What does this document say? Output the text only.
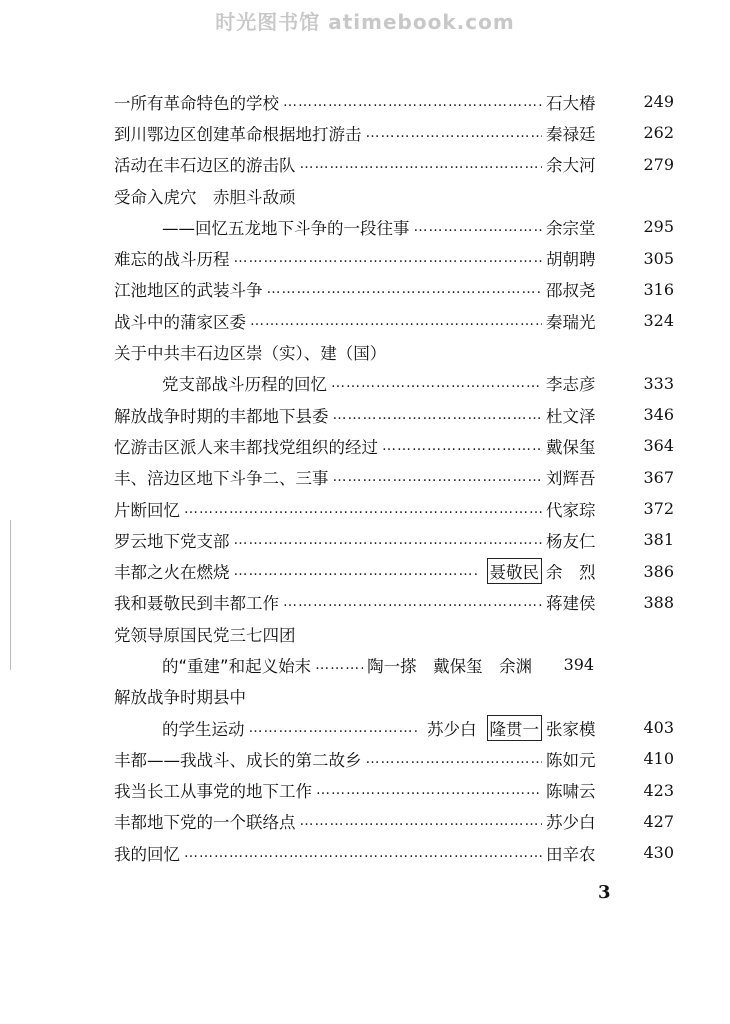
时光图书馆 atimebook.com
一所有革命特色的学校 ……………………………………………………………………………………………………………………	石大椿	249
到川鄂边区创建革命根据地打游击 ……………………………………………………………………………………………………………………	秦禄廷	262
活动在丰石边区的游击队 ……………………………………………………………………………………………………………………	余大河	279
受命入虎穴　赤胆斗敌顽
——回忆五龙地下斗争的一段往事 ……………………………………………………………………………………………………………………	余宗堂	295
难忘的战斗历程 ……………………………………………………………………………………………………………………	胡朝聘	305
江池地区的武装斗争 ……………………………………………………………………………………………………………………	邵叔尧	316
战斗中的蒲家区委 ……………………………………………………………………………………………………………………	秦瑞光	324
关于中共丰石边区崇（实）、建（国）
党支部战斗历程的回忆 ……………………………………………………………………………………………………………………	李志彦	333
解放战争时期的丰都地下县委 ……………………………………………………………………………………………………………………	杜文泽	346
忆游击区派人来丰都找党组织的经过 ……………………………………………………………………………………………………………………	戴保玺	364
丰、涪边区地下斗争二、三事 ……………………………………………………………………………………………………………………	刘辉吾	367
片断回忆 ……………………………………………………………………………………………………………………	代家琮	372
罗云地下党支部 ……………………………………………………………………………………………………………………	杨友仁	381
丰都之火在燃烧 ……………………………………………………………………………………………………………………	聂敬民 余　烈	386
我和聂敬民到丰都工作 ……………………………………………………………………………………………………………………	蒋建侯	388
党领导原国民党三七四团
的“重建”和起义始末 ……………………………………………………………………………………………………………………	陶一搽　戴保玺　余渊	394
解放战争时期县中
的学生运动 ……………………………………………………………………………………………………………………	苏少白 隆贯一 张家模	403
丰都——我战斗、成长的第二故乡 ……………………………………………………………………………………………………………………	陈如元	410
我当长工从事党的地下工作 ……………………………………………………………………………………………………………………	陈啸云	423
丰都地下党的一个联络点 ……………………………………………………………………………………………………………………	苏少白	427
我的回忆 ……………………………………………………………………………………………………………………	田辛农	430
3
